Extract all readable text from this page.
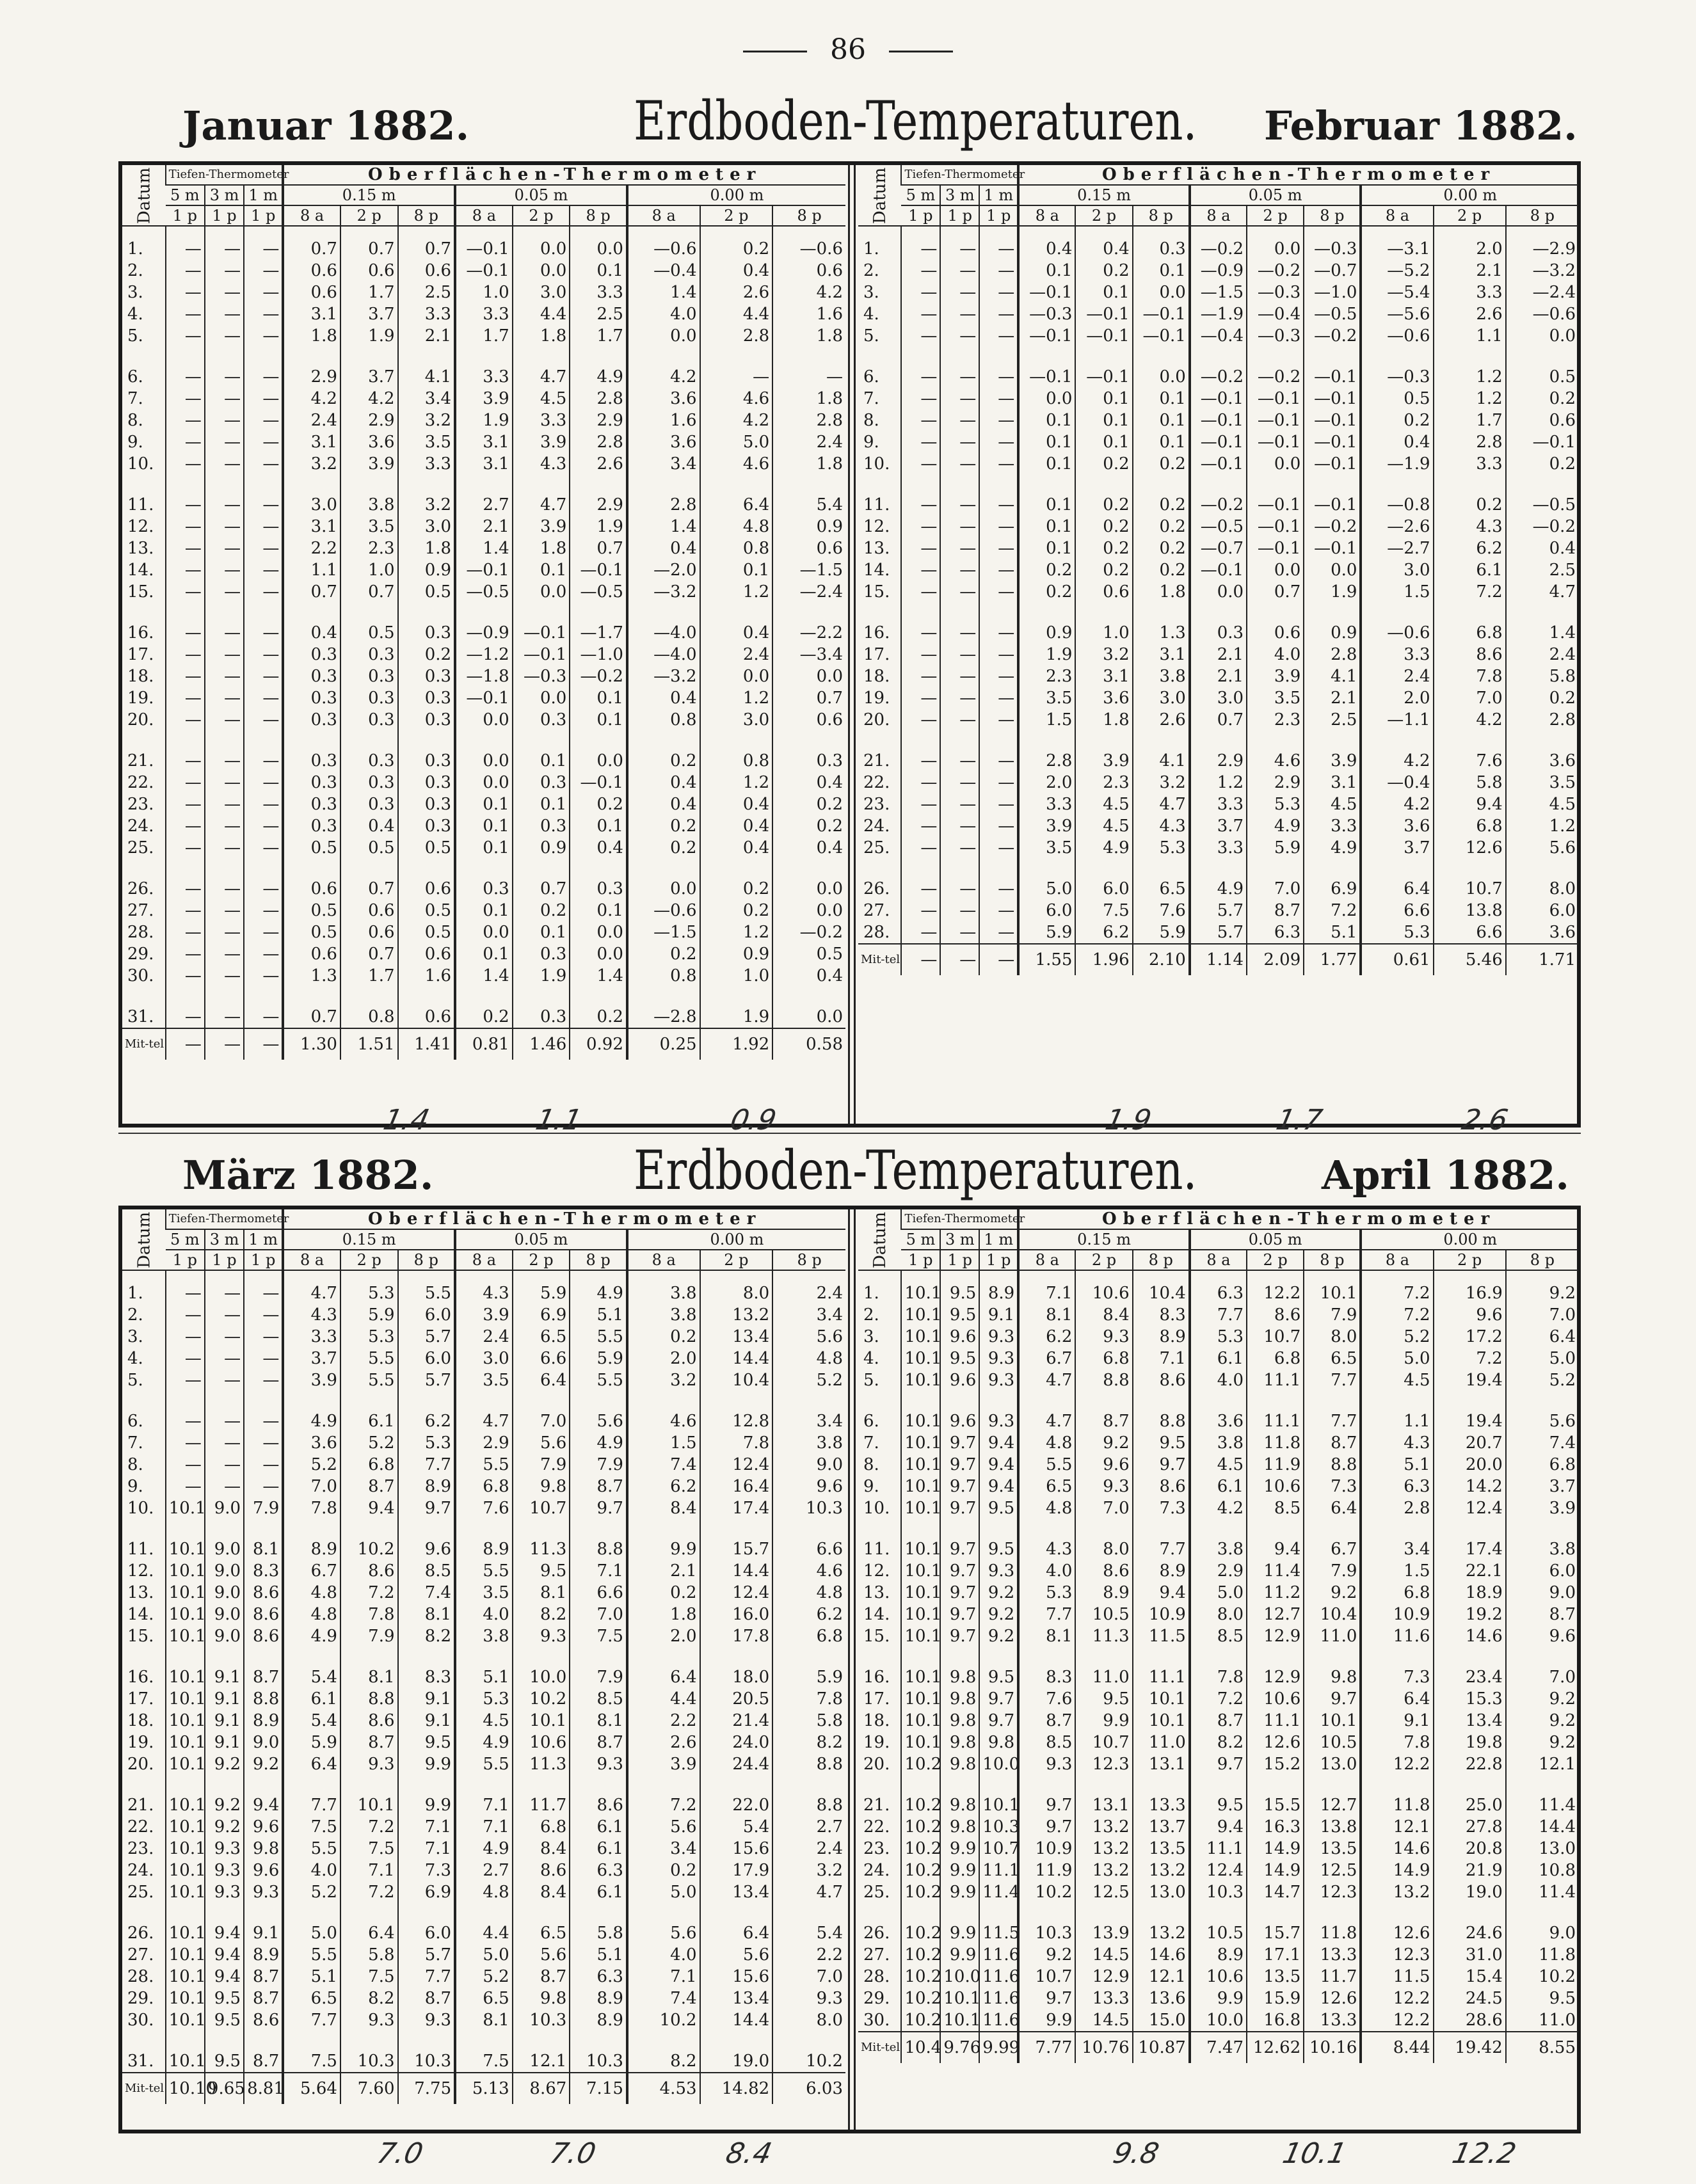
86
Januar 1882.	Erdboden-Temperaturen. Februar 1882.
Datum	Tiefen-Thermometer			Oberflächen-Thermometer								
	5 m	3 m	1 m	0.15 m			0.05 m			0.00 m		
	1 p	1 p	1 p	8 a	2 p	8 p	8 a	2 p	8 p	8 a	2 p	8 p
1.	—	—	—	0.7	0.7	0.7	—0.1	0.0	0.0	—0.6	0.2	—0.6
2.	—	—	—	0.6	0.6	0.6	—0.1	0.0	0.1	—0.4	0.4	0.6
3.	—	—	—	0.6	1.7	2.5	1.0	3.0	3.3	1.4	2.6	4.2
4.	—	—	—	3.1	3.7	3.3	3.3	4.4	2.5	4.0	4.4	1.6
5.	—	—	—	1.8	1.9	2.1	1.7	1.8	1.7	0.0	2.8	1.8

6.	—	—	—	2.9	3.7	4.1	3.3	4.7	4.9	4.2	—	—
7.	—	—	—	4.2	4.2	3.4	3.9	4.5	2.8	3.6	4.6	1.8
8.	—	—	—	2.4	2.9	3.2	1.9	3.3	2.9	1.6	4.2	2.8
9.	—	—	—	3.1	3.6	3.5	3.1	3.9	2.8	3.6	5.0	2.4
10.	—	—	—	3.2	3.9	3.3	3.1	4.3	2.6	3.4	4.6	1.8

11.	—	—	—	3.0	3.8	3.2	2.7	4.7	2.9	2.8	6.4	5.4
12.	—	—	—	3.1	3.5	3.0	2.1	3.9	1.9	1.4	4.8	0.9
13.	—	—	—	2.2	2.3	1.8	1.4	1.8	0.7	0.4	0.8	0.6
14.	—	—	—	1.1	1.0	0.9	—0.1	0.1	—0.1	—2.0	0.1	—1.5
15.	—	—	—	0.7	0.7	0.5	—0.5	0.0	—0.5	—3.2	1.2	—2.4

16.	—	—	—	0.4	0.5	0.3	—0.9	—0.1	—1.7	—4.0	0.4	—2.2
17.	—	—	—	0.3	0.3	0.2	—1.2	—0.1	—1.0	—4.0	2.4	—3.4
18.	—	—	—	0.3	0.3	0.3	—1.8	—0.3	—0.2	—3.2	0.0	0.0
19.	—	—	—	0.3	0.3	0.3	—0.1	0.0	0.1	0.4	1.2	0.7
20.	—	—	—	0.3	0.3	0.3	0.0	0.3	0.1	0.8	3.0	0.6

21.	—	—	—	0.3	0.3	0.3	0.0	0.1	0.0	0.2	0.8	0.3
22.	—	—	—	0.3	0.3	0.3	0.0	0.3	—0.1	0.4	1.2	0.4
23.	—	—	—	0.3	0.3	0.3	0.1	0.1	0.2	0.4	0.4	0.2
24.	—	—	—	0.3	0.4	0.3	0.1	0.3	0.1	0.2	0.4	0.2
25.	—	—	—	0.5	0.5	0.5	0.1	0.9	0.4	0.2	0.4	0.4

26.	—	—	—	0.6	0.7	0.6	0.3	0.7	0.3	0.0	0.2	0.0
27.	—	—	—	0.5	0.6	0.5	0.1	0.2	0.1	—0.6	0.2	0.0
28.	—	—	—	0.5	0.6	0.5	0.0	0.1	0.0	—1.5	1.2	—0.2
29.	—	—	—	0.6	0.7	0.6	0.1	0.3	0.0	0.2	0.9	0.5
30.	—	—	—	1.3	1.7	1.6	1.4	1.9	1.4	0.8	1.0	0.4

31.	—	—	—	0.7	0.8	0.6	0.2	0.3	0.2	—2.8	1.9	0.0
Mit-tel	—	—	—	1.30	1.51	1.41	0.81	1.46	0.92	0.25	1.92	0.58
Datum	Tiefen-Thermometer			Oberflächen-Thermometer								
	5 m	3 m	1 m	0.15 m			0.05 m			0.00 m		
	1 p	1 p	1 p	8 a	2 p	8 p	8 a	2 p	8 p	8 a	2 p	8 p
1.	—	—	—	0.4	0.4	0.3	—0.2	0.0	—0.3	—3.1	2.0	—2.9
2.	—	—	—	0.1	0.2	0.1	—0.9	—0.2	—0.7	—5.2	2.1	—3.2
3.	—	—	—	—0.1	0.1	0.0	—1.5	—0.3	—1.0	—5.4	3.3	—2.4
4.	—	—	—	—0.3	—0.1	—0.1	—1.9	—0.4	—0.5	—5.6	2.6	—0.6
5.	—	—	—	—0.1	—0.1	—0.1	—0.4	—0.3	—0.2	—0.6	1.1	0.0

6.	—	—	—	—0.1	—0.1	0.0	—0.2	—0.2	—0.1	—0.3	1.2	0.5
7.	—	—	—	0.0	0.1	0.1	—0.1	—0.1	—0.1	0.5	1.2	0.2
8.	—	—	—	0.1	0.1	0.1	—0.1	—0.1	—0.1	0.2	1.7	0.6
9.	—	—	—	0.1	0.1	0.1	—0.1	—0.1	—0.1	0.4	2.8	—0.1
10.	—	—	—	0.1	0.2	0.2	—0.1	0.0	—0.1	—1.9	3.3	0.2

11.	—	—	—	0.1	0.2	0.2	—0.2	—0.1	—0.1	—0.8	0.2	—0.5
12.	—	—	—	0.1	0.2	0.2	—0.5	—0.1	—0.2	—2.6	4.3	—0.2
13.	—	—	—	0.1	0.2	0.2	—0.7	—0.1	—0.1	—2.7	6.2	0.4
14.	—	—	—	0.2	0.2	0.2	—0.1	0.0	0.0	3.0	6.1	2.5
15.	—	—	—	0.2	0.6	1.8	0.0	0.7	1.9	1.5	7.2	4.7

16.	—	—	—	0.9	1.0	1.3	0.3	0.6	0.9	—0.6	6.8	1.4
17.	—	—	—	1.9	3.2	3.1	2.1	4.0	2.8	3.3	8.6	2.4
18.	—	—	—	2.3	3.1	3.8	2.1	3.9	4.1	2.4	7.8	5.8
19.	—	—	—	3.5	3.6	3.0	3.0	3.5	2.1	2.0	7.0	0.2
20.	—	—	—	1.5	1.8	2.6	0.7	2.3	2.5	—1.1	4.2	2.8

21.	—	—	—	2.8	3.9	4.1	2.9	4.6	3.9	4.2	7.6	3.6
22.	—	—	—	2.0	2.3	3.2	1.2	2.9	3.1	—0.4	5.8	3.5
23.	—	—	—	3.3	4.5	4.7	3.3	5.3	4.5	4.2	9.4	4.5
24.	—	—	—	3.9	4.5	4.3	3.7	4.9	3.3	3.6	6.8	1.2
25.	—	—	—	3.5	4.9	5.3	3.3	5.9	4.9	3.7	12.6	5.6

26.	—	—	—	5.0	6.0	6.5	4.9	7.0	6.9	6.4	10.7	8.0
27.	—	—	—	6.0	7.5	7.6	5.7	8.7	7.2	6.6	13.8	6.0
28.	—	—	—	5.9	6.2	5.9	5.7	6.3	5.1	5.3	6.6	3.6
Mit-tel	—	—	—	1.55	1.96	2.10	1.14	2.09	1.77	0.61	5.46	1.71
1.4	1.1	0.9	1.9	1.7	2.6
März 1882.	Erdboden-Temperaturen.	April 1882.
Datum	Tiefen-Thermometer			Oberflächen-Thermometer								
	5 m	3 m	1 m	0.15 m			0.05 m			0.00 m		
	1 p	1 p	1 p	8 a	2 p	8 p	8 a	2 p	8 p	8 a	2 p	8 p
1.	—	—	—	4.7	5.3	5.5	4.3	5.9	4.9	3.8	8.0	2.4
2.	—	—	—	4.3	5.9	6.0	3.9	6.9	5.1	3.8	13.2	3.4
3.	—	—	—	3.3	5.3	5.7	2.4	6.5	5.5	0.2	13.4	5.6
4.	—	—	—	3.7	5.5	6.0	3.0	6.6	5.9	2.0	14.4	4.8
5.	—	—	—	3.9	5.5	5.7	3.5	6.4	5.5	3.2	10.4	5.2

6.	—	—	—	4.9	6.1	6.2	4.7	7.0	5.6	4.6	12.8	3.4
7.	—	—	—	3.6	5.2	5.3	2.9	5.6	4.9	1.5	7.8	3.8
8.	—	—	—	5.2	6.8	7.7	5.5	7.9	7.9	7.4	12.4	9.0
9.	—	—	—	7.0	8.7	8.9	6.8	9.8	8.7	6.2	16.4	9.6
10.	10.1	9.0	7.9	7.8	9.4	9.7	7.6	10.7	9.7	8.4	17.4	10.3

11.	10.1	9.0	8.1	8.9	10.2	9.6	8.9	11.3	8.8	9.9	15.7	6.6
12.	10.1	9.0	8.3	6.7	8.6	8.5	5.5	9.5	7.1	2.1	14.4	4.6
13.	10.1	9.0	8.6	4.8	7.2	7.4	3.5	8.1	6.6	0.2	12.4	4.8
14.	10.1	9.0	8.6	4.8	7.8	8.1	4.0	8.2	7.0	1.8	16.0	6.2
15.	10.1	9.0	8.6	4.9	7.9	8.2	3.8	9.3	7.5	2.0	17.8	6.8

16.	10.1	9.1	8.7	5.4	8.1	8.3	5.1	10.0	7.9	6.4	18.0	5.9
17.	10.1	9.1	8.8	6.1	8.8	9.1	5.3	10.2	8.5	4.4	20.5	7.8
18.	10.1	9.1	8.9	5.4	8.6	9.1	4.5	10.1	8.1	2.2	21.4	5.8
19.	10.1	9.1	9.0	5.9	8.7	9.5	4.9	10.6	8.7	2.6	24.0	8.2
20.	10.1	9.2	9.2	6.4	9.3	9.9	5.5	11.3	9.3	3.9	24.4	8.8

21.	10.1	9.2	9.4	7.7	10.1	9.9	7.1	11.7	8.6	7.2	22.0	8.8
22.	10.1	9.2	9.6	7.5	7.2	7.1	7.1	6.8	6.1	5.6	5.4	2.7
23.	10.1	9.3	9.8	5.5	7.5	7.1	4.9	8.4	6.1	3.4	15.6	2.4
24.	10.1	9.3	9.6	4.0	7.1	7.3	2.7	8.6	6.3	0.2	17.9	3.2
25.	10.1	9.3	9.3	5.2	7.2	6.9	4.8	8.4	6.1	5.0	13.4	4.7

26.	10.1	9.4	9.1	5.0	6.4	6.0	4.4	6.5	5.8	5.6	6.4	5.4
27.	10.1	9.4	8.9	5.5	5.8	5.7	5.0	5.6	5.1	4.0	5.6	2.2
28.	10.1	9.4	8.7	5.1	7.5	7.7	5.2	8.7	6.3	7.1	15.6	7.0
29.	10.1	9.5	8.7	6.5	8.2	8.7	6.5	9.8	8.9	7.4	13.4	9.3
30.	10.1	9.5	8.6	7.7	9.3	9.3	8.1	10.3	8.9	10.2	14.4	8.0

31.	10.1	9.5	8.7	7.5	10.3	10.3	7.5	12.1	10.3	8.2	19.0	10.2
Mit-tel	10.10	9.65	8.81	5.64	7.60	7.75	5.13	8.67	7.15	4.53	14.82	6.03
Datum	Tiefen-Thermometer			Oberflächen-Thermometer								
	5 m	3 m	1 m	0.15 m			0.05 m			0.00 m		
	1 p	1 p	1 p	8 a	2 p	8 p	8 a	2 p	8 p	8 a	2 p	8 p
1.	10.1	9.5	8.9	7.1	10.6	10.4	6.3	12.2	10.1	7.2	16.9	9.2
2.	10.1	9.5	9.1	8.1	8.4	8.3	7.7	8.6	7.9	7.2	9.6	7.0
3.	10.1	9.6	9.3	6.2	9.3	8.9	5.3	10.7	8.0	5.2	17.2	6.4
4.	10.1	9.5	9.3	6.7	6.8	7.1	6.1	6.8	6.5	5.0	7.2	5.0
5.	10.1	9.6	9.3	4.7	8.8	8.6	4.0	11.1	7.7	4.5	19.4	5.2

6.	10.1	9.6	9.3	4.7	8.7	8.8	3.6	11.1	7.7	1.1	19.4	5.6
7.	10.1	9.7	9.4	4.8	9.2	9.5	3.8	11.8	8.7	4.3	20.7	7.4
8.	10.1	9.7	9.4	5.5	9.6	9.7	4.5	11.9	8.8	5.1	20.0	6.8
9.	10.1	9.7	9.4	6.5	9.3	8.6	6.1	10.6	7.3	6.3	14.2	3.7
10.	10.1	9.7	9.5	4.8	7.0	7.3	4.2	8.5	6.4	2.8	12.4	3.9

11.	10.1	9.7	9.5	4.3	8.0	7.7	3.8	9.4	6.7	3.4	17.4	3.8
12.	10.1	9.7	9.3	4.0	8.6	8.9	2.9	11.4	7.9	1.5	22.1	6.0
13.	10.1	9.7	9.2	5.3	8.9	9.4	5.0	11.2	9.2	6.8	18.9	9.0
14.	10.1	9.7	9.2	7.7	10.5	10.9	8.0	12.7	10.4	10.9	19.2	8.7
15.	10.1	9.7	9.2	8.1	11.3	11.5	8.5	12.9	11.0	11.6	14.6	9.6

16.	10.1	9.8	9.5	8.3	11.0	11.1	7.8	12.9	9.8	7.3	23.4	7.0
17.	10.1	9.8	9.7	7.6	9.5	10.1	7.2	10.6	9.7	6.4	15.3	9.2
18.	10.1	9.8	9.7	8.7	9.9	10.1	8.7	11.1	10.1	9.1	13.4	9.2
19.	10.1	9.8	9.8	8.5	10.7	11.0	8.2	12.6	10.5	7.8	19.8	9.2
20.	10.2	9.8	10.0	9.3	12.3	13.1	9.7	15.2	13.0	12.2	22.8	12.1

21.	10.2	9.8	10.1	9.7	13.1	13.3	9.5	15.5	12.7	11.8	25.0	11.4
22.	10.2	9.8	10.3	9.7	13.2	13.7	9.4	16.3	13.8	12.1	27.8	14.4
23.	10.2	9.9	10.7	10.9	13.2	13.5	11.1	14.9	13.5	14.6	20.8	13.0
24.	10.2	9.9	11.1	11.9	13.2	13.2	12.4	14.9	12.5	14.9	21.9	10.8
25.	10.2	9.9	11.4	10.2	12.5	13.0	10.3	14.7	12.3	13.2	19.0	11.4

26.	10.2	9.9	11.5	10.3	13.9	13.2	10.5	15.7	11.8	12.6	24.6	9.0
27.	10.2	9.9	11.6	9.2	14.5	14.6	8.9	17.1	13.3	12.3	31.0	11.8
28.	10.2	10.0	11.6	10.7	12.9	12.1	10.6	13.5	11.7	11.5	15.4	10.2
29.	10.2	10.1	11.6	9.7	13.3	13.6	9.9	15.9	12.6	12.2	24.5	9.5
30.	10.2	10.1	11.6	9.9	14.5	15.0	10.0	16.8	13.3	12.2	28.6	11.0
Mit-tel	10.4	9.76	9.99	7.77	10.76	10.87	7.47	12.62	10.16	8.44	19.42	8.55
7.0	7.0	8.4	9.8	10.1	12.2
